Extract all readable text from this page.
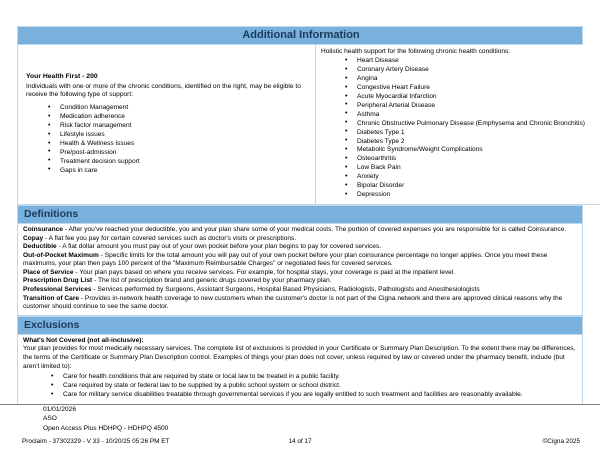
Additional Information
Your Health First - 200
Individuals with one or more of the chronic conditions, identified on the right, may be eligible to receive the following type of support:
• Condition Management
• Medication adherence
• Risk factor management
• Lifestyle issues
• Health & Wellness issues
• Pre/post-admission
• Treatment decision support
• Gaps in care

Holistic health support for the following chronic health conditions:
• Heart Disease
• Coronary Artery Disease
• Angina
• Congestive Heart Failure
• Acute Myocardial Infarction
• Peripheral Arterial Disease
• Asthma
• Chronic Obstructive Pulmonary Disease (Emphysema and Chronic Bronchitis)
• Diabetes Type 1
• Diabetes Type 2
• Metabolic Syndrome/Weight Complications
• Osteoarthritis
• Low Back Pain
• Anxiety
• Bipolar Disorder
• Depression
Definitions

Coinsurance - After you've reached your deductible, you and your plan share some of your medical costs. The portion of covered expenses you are responsible for is called Coinsurance.

Copay - A flat fee you pay for certain covered services such as doctor's visits or prescriptions.

Deductible - A flat dollar amount you must pay out of your own pocket before your plan begins to pay for covered services.

Out-of-Pocket Maximum - Specific limits for the total amount you will pay out of your own pocket before your plan coinsurance percentage no longer applies. Once you meet these maximums, your plan then pays 100 percent of the "Maximum Reimbursable Charges" or negotiated fees for covered services.

Place of Service - Your plan pays based on where you receive services. For example, for hospital stays, your coverage is paid at the inpatient level.

Prescription Drug List - The list of prescription brand and generic drugs covered by your pharmacy plan.

Professional Services - Services performed by Surgeons, Assistant Surgeons, Hospital Based Physicians, Radiologists, Pathologists and Anesthesiologists

Transition of Care - Provides in-network health coverage to new customers when the customer's doctor is not part of the Cigna network and there are approved clinical reasons why the customer should continue to see the same doctor.

Exclusions

What's Not Covered (not all-inclusive):

Your plan provides for most medically necessary services. The complete list of exclusions is provided in your Certificate or Summary Plan Description. To the extent there may be differences, the terms of the Certificate or Summary Plan Description control. Examples of things your plan does not cover, unless required by law or covered under the pharmacy benefit, include (but aren't limited to):

• Care for health conditions that are required by state or local law to be treated in a public facility.
• Care required by state or federal law to be supplied by a public school system or school district.
• Care for military service disabilities treatable through governmental services if you are legally entitled to such treatment and facilities are reasonably available.
01/01/2026
ASO
Open Access Plus HDHPQ - HDHPQ 4500
Proclaim - 37302329 - V 33 - 10/20/25 05:26 PM ET	14 of 17	©Cigna 2025
